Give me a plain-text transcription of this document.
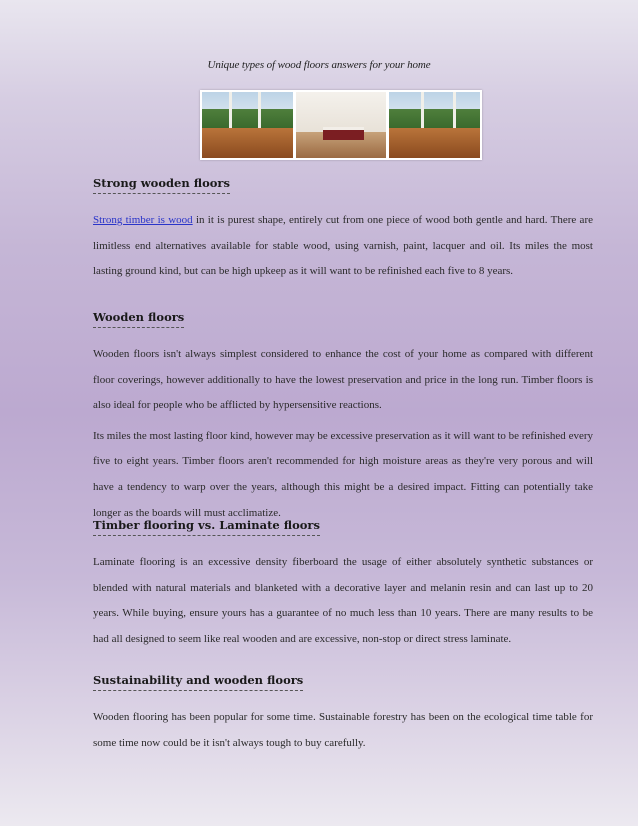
Unique types of wood floors answers for your home
Strong wooden floors

Strong timber is wood in it is purest shape, entirely cut from one piece of wood both gentle and hard. There are limitless end alternatives available for stable wood, using varnish, paint, lacquer and oil. Its miles the most lasting ground kind, but can be high upkeep as it will want to be refinished each five to 8 years.

Wooden floors

Wooden floors isn't always simplest considered to enhance the cost of your home as compared with different floor coverings, however additionally to have the lowest preservation and price in the long run. Timber floors is also ideal for people who be afflicted by hypersensitive reactions.

Its miles the most lasting floor kind, however may be excessive preservation as it will want to be refinished every five to eight years. Timber floors aren't recommended for high moisture areas as they're very porous and will have a tendency to warp over the years, although this might be a desired impact. Fitting can potentially take longer as the boards will must acclimatize.

Timber flooring vs. Laminate floors

Laminate flooring is an excessive density fiberboard the usage of either absolutely synthetic substances or blended with natural materials and blanketed with a decorative layer and melanin resin and can last up to 20 years. While buying, ensure yours has a guarantee of no much less than 10 years. There are many results to be had all designed to seem like real wooden and are excessive, non-stop or direct stress laminate.

Sustainability and wooden floors

Wooden flooring has been popular for some time. Sustainable forestry has been on the ecological time table for some time now could be it isn't always tough to buy carefully.
